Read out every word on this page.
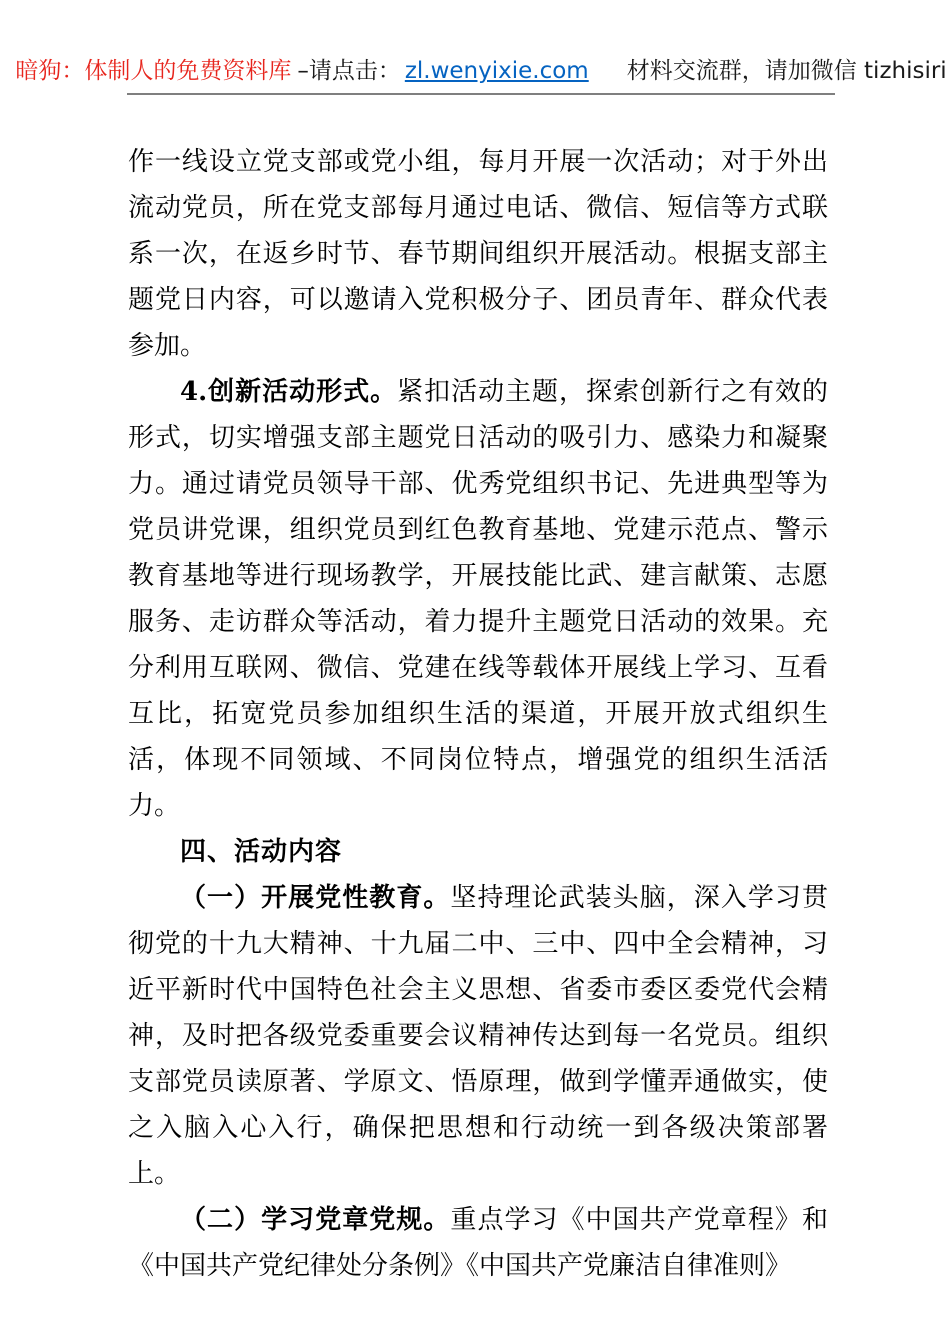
暗狗：体制人的免费资料库 –请点击： zl.wenyixie.com 材料交流群，请加微信 tizhisiri

作一线设立党支部或党小组，每月开展一次活动；对于外出流动党员，所在党支部每月通过电话、微信、短信等方式联系一次，在返乡时节、春节期间组织开展活动。根据支部主题党日内容，可以邀请入党积极分子、团员青年、群众代表参加。

4.创新活动形式。紧扣活动主题，探索创新行之有效的形式，切实增强支部主题党日活动的吸引力、感染力和凝聚力。通过请党员领导干部、优秀党组织书记、先进典型等为党员讲党课，组织党员到红色教育基地、党建示范点、警示教育基地等进行现场教学，开展技能比武、建言献策、志愿服务、走访群众等活动，着力提升主题党日活动的效果。充分利用互联网、微信、党建在线等载体开展线上学习、互看互比，拓宽党员参加组织生活的渠道，开展开放式组织生活，体现不同领域、不同岗位特点，增强党的组织生活活力。

四、活动内容

（一）开展党性教育。坚持理论武装头脑，深入学习贯彻党的十九大精神、十九届二中、三中、四中全会精神，习近平新时代中国特色社会主义思想、省委市委区委党代会精神，及时把各级党委重要会议精神传达到每一名党员。组织支部党员读原著、学原文、悟原理，做到学懂弄通做实，使之入脑入心入行，确保把思想和行动统一到各级决策部署上。

（二）学习党章党规。重点学习《中国共产党章程》和《中国共产党纪律处分条例》《中国共产党廉洁自律准则》
